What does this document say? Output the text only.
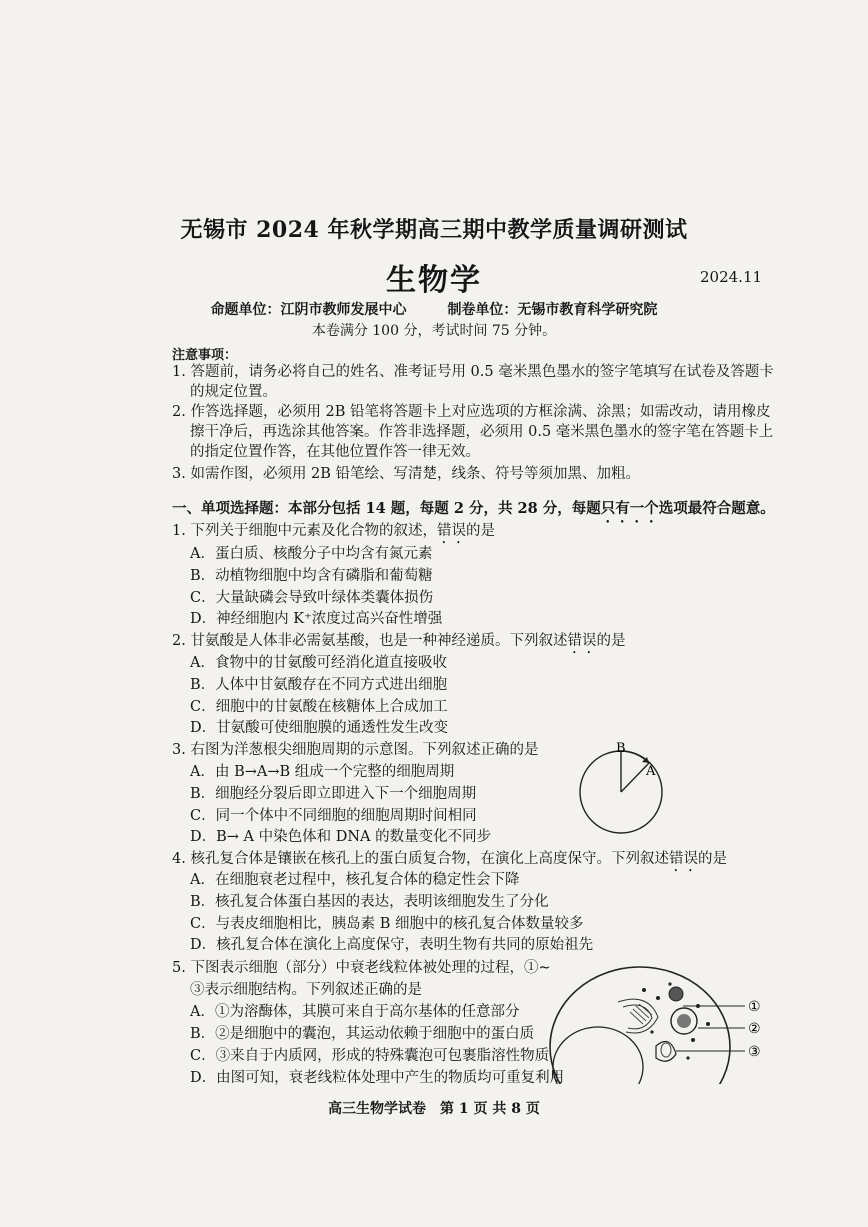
无锡市 2024 年秋学期高三期中教学质量调研测试
生物学	2024.11
命题单位：江阴市教师发展中心	制卷单位：无锡市教育科学研究院
本卷满分 100 分，考试时间 75 分钟。
注意事项：
1. 答题前，请务必将自己的姓名、准考证号用 0.5 毫米黑色墨水的签字笔填写在试卷及答题卡
的规定位置。
2. 作答选择题，必须用 2B 铅笔将答题卡上对应选项的方框涂满、涂黑；如需改动，请用橡皮
擦干净后，再选涂其他答案。作答非选择题，必须用 0.5 毫米黑色墨水的签字笔在答题卡上
的指定位置作答，在其他位置作答一律无效。
3. 如需作图，必须用 2B 铅笔绘、写清楚，线条、符号等须加黑、加粗。
一、单项选择题：本部分包括 14 题，每题 2 分，共 28 分，每题只有一个选项最符合题意。
1. 下列关于细胞中元素及化合物的叙述，错误的是
A．蛋白质、核酸分子中均含有氮元素
B．动植物细胞中均含有磷脂和葡萄糖
C．大量缺磷会导致叶绿体类囊体损伤
D．神经细胞内 K⁺浓度过高兴奋性增强
2. 甘氨酸是人体非必需氨基酸，也是一种神经递质。下列叙述错误的是
A．食物中的甘氨酸可经消化道直接吸收
B．人体中甘氨酸存在不同方式进出细胞
C．细胞中的甘氨酸在核糖体上合成加工
D．甘氨酸可使细胞膜的通透性发生改变
3. 右图为洋葱根尖细胞周期的示意图。下列叙述正确的是
A．由 B→A→B 组成一个完整的细胞周期
B．细胞经分裂后即立即进入下一个细胞周期
C．同一个体中不同细胞的细胞周期时间相同
D．B→ A 中染色体和 DNA 的数量变化不同步
B
A
4. 核孔复合体是镶嵌在核孔上的蛋白质复合物，在演化上高度保守。下列叙述错误的是
A．在细胞衰老过程中，核孔复合体的稳定性会下降
B．核孔复合体蛋白基因的表达，表明该细胞发生了分化
C．与表皮细胞相比，胰岛素 B 细胞中的核孔复合体数量较多
D．核孔复合体在演化上高度保守，表明生物有共同的原始祖先
5. 下图表示细胞（部分）中衰老线粒体被处理的过程，①~
③表示细胞结构。下列叙述正确的是
A．①为溶酶体，其膜可来自于高尔基体的任意部分
B．②是细胞中的囊泡，其运动依赖于细胞中的蛋白质
C．③来自于内质网，形成的特殊囊泡可包裹脂溶性物质
D．由图可知，衰老线粒体处理中产生的物质均可重复利用
①
②
③
高三生物学试卷　第 1 页 共 8 页
